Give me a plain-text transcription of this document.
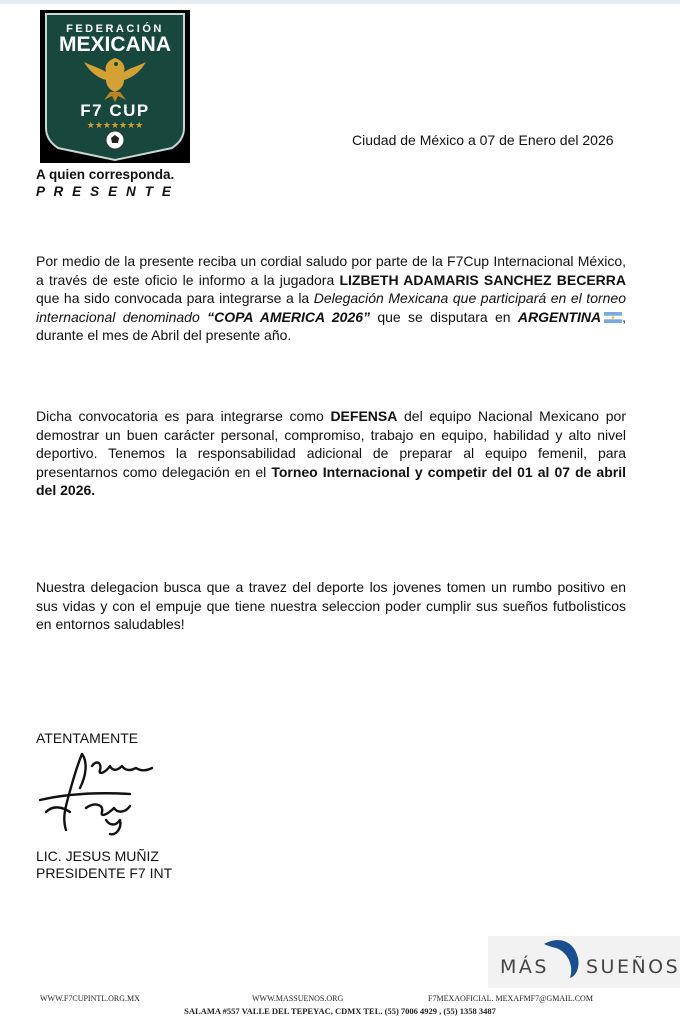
FEDERACIÓN
MEXICANA
F7 CUP
★★★★★★★
Ciudad de México a 07 de Enero del 2026
A quien corresponda.
P R E S E N T E

Por medio de la presente reciba un cordial saludo por parte de la F7Cup Internacional México, a través de este oficio le informo a la jugadora LIZBETH ADAMARIS SANCHEZ BECERRA que ha sido convocada para integrarse a la Delegación Mexicana que participará en el torneo internacional denominado “COPA AMERICA 2026” que se disputara en ARGENTINA , durante el mes de Abril del presente año.

Dicha convocatoria es para integrarse como DEFENSA del equipo Nacional Mexicano por demostrar un buen carácter personal, compromiso, trabajo en equipo, habilidad y alto nivel deportivo. Tenemos la responsabilidad adicional de preparar al equipo femenil, para presentarnos como delegación en el Torneo Internacional y competir del 01 al 07 de abril del 2026.

Nuestra delegacion busca que a travez del deporte los jovenes tomen un rumbo positivo en sus vidas y con el empuje que tiene nuestra seleccion poder cumplir sus sueños futbolisticos en entornos saludables!

ATENTAMENTE
LIC. JESUS MUÑIZ
PRESIDENTE F7 INT
MÁS SUEÑOS
WWW.F7CUPINTL.ORG.MX	WWW.MASSUENOS.ORG	F7MEXAOFICIAL. MEXAFMF7@GMAIL.COM
SALAMA #557 VALLE DEL TEPEYAC, CDMX TEL. (55) 7006 4929 , (55) 1358 3487
